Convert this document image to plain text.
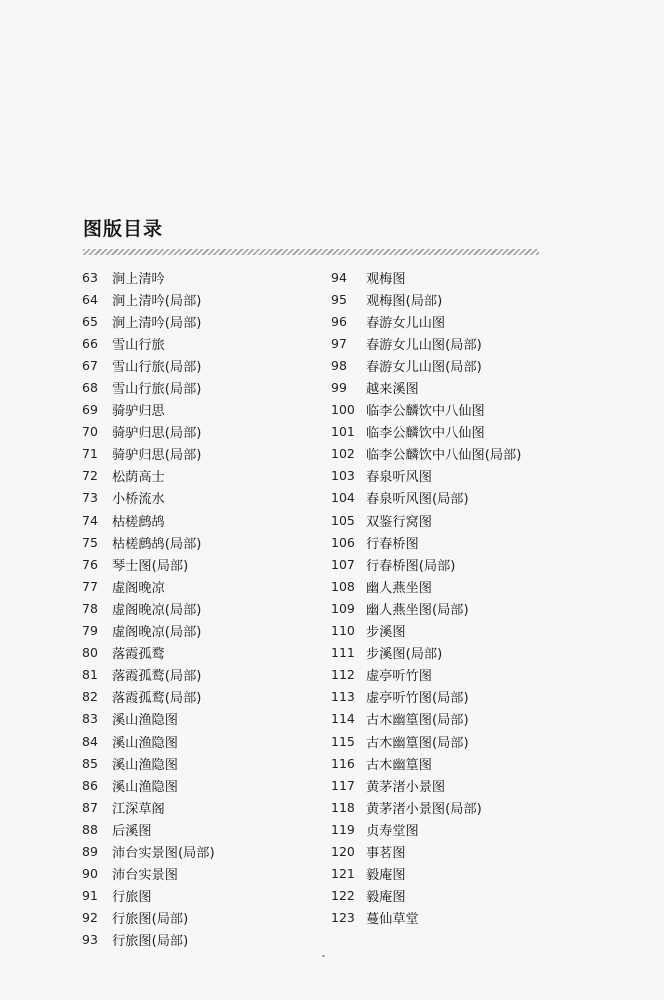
图版目录
63	涧上清吟
64	涧上清吟 (局部)
65	涧上清吟 (局部)
66	雪山行旅
67	雪山行旅 (局部)
68	雪山行旅 (局部)
69	骑驴归思
70	骑驴归思 (局部)
71	骑驴归思 (局部)
72	松荫高士
73	小桥流水
74	枯槎鹧鸪
75	枯槎鹧鸪 (局部)
76	琴士图 (局部)
77	虚阁晚凉
78	虚阁晚凉 (局部)
79	虚阁晚凉 (局部)
80	落霞孤鹜
81	落霞孤鹜 (局部)
82	落霞孤鹜 (局部)
83	溪山渔隐图
84	溪山渔隐图
85	溪山渔隐图
86	溪山渔隐图
87	江深草阁
88	后溪图
89	沛台实景图 (局部)
90	沛台实景图
91	行旅图
92	行旅图 (局部)
93	行旅图 (局部)
94	观梅图
95	观梅图 (局部)
96	春游女儿山图
97	春游女儿山图 (局部)
98	春游女儿山图 (局部)
99	越来溪图
100 临李公麟饮中八仙图
101 临李公麟饮中八仙图
102 临李公麟饮中八仙图 (局部)
103 春泉听风图
104 春泉听风图 (局部)
105 双鉴行窝图
106 行春桥图
107 行春桥图 (局部)
108 幽人燕坐图
109 幽人燕坐图 (局部)
110 步溪图
111 步溪图 (局部)
112 虚亭听竹图
113 虚亭听竹图 (局部)
114 古木幽篁图 (局部)
115 古木幽篁图 (局部)
116 古木幽篁图
117 黄茅渚小景图
118 黄茅渚小景图 (局部)
119 贞寿堂图
120 事茗图
121 毅庵图
122 毅庵图
123 蔓仙草堂
